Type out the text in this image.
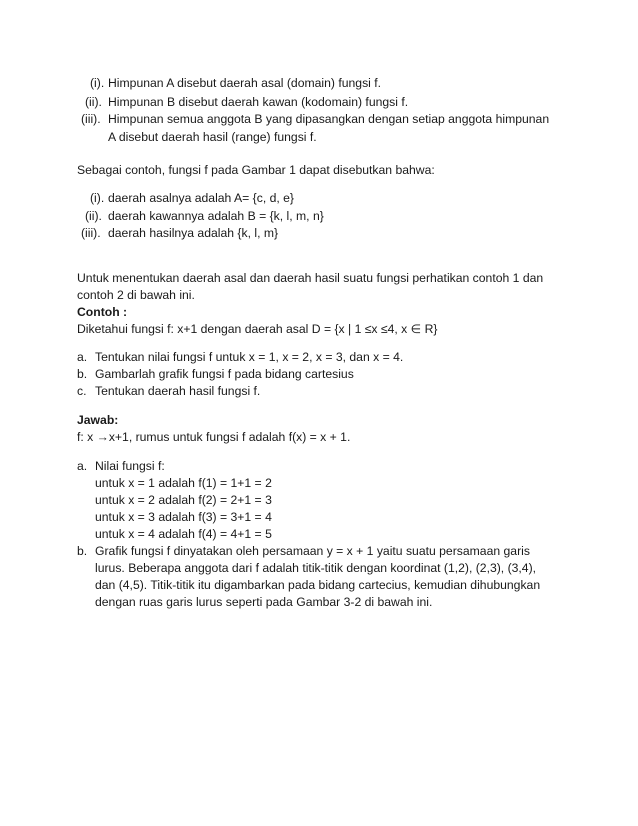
(i). Himpunan A disebut daerah asal (domain) fungsi f.
(ii). Himpunan B disebut daerah kawan (kodomain) fungsi f.
(iii). Himpunan semua anggota B yang dipasangkan dengan setiap anggota himpunan
A disebut daerah hasil (range) fungsi f.
Sebagai contoh, fungsi f pada Gambar 1 dapat disebutkan bahwa:
(i). daerah asalnya adalah A= {c, d, e}
(ii). daerah kawannya adalah B = {k, l, m, n}
(iii). daerah hasilnya adalah {k, l, m}
Untuk menentukan daerah asal dan daerah hasil suatu fungsi perhatikan contoh 1 dan
contoh 2 di bawah ini.
Contoh :
Diketahui fungsi f: x+1 dengan daerah asal D = {x | 1 ≤x ≤4, x ∈ R}
a. Tentukan nilai fungsi f untuk x = 1, x = 2, x = 3, dan x = 4.
b. Gambarlah grafik fungsi f pada bidang cartesius
c. Tentukan daerah hasil fungsi f.
Jawab:
f: x →x+1, rumus untuk fungsi f adalah f(x) = x + 1.
a. Nilai fungsi f:
untuk x = 1 adalah f(1) = 1+1 = 2
untuk x = 2 adalah f(2) = 2+1 = 3
untuk x = 3 adalah f(3) = 3+1 = 4
untuk x = 4 adalah f(4) = 4+1 = 5
b. Grafik fungsi f dinyatakan oleh persamaan y = x + 1 yaitu suatu persamaan garis
lurus. Beberapa anggota dari f adalah titik-titik dengan koordinat (1,2), (2,3), (3,4),
dan (4,5). Titik-titik itu digambarkan pada bidang cartecius, kemudian dihubungkan
dengan ruas garis lurus seperti pada Gambar 3-2 di bawah ini.
